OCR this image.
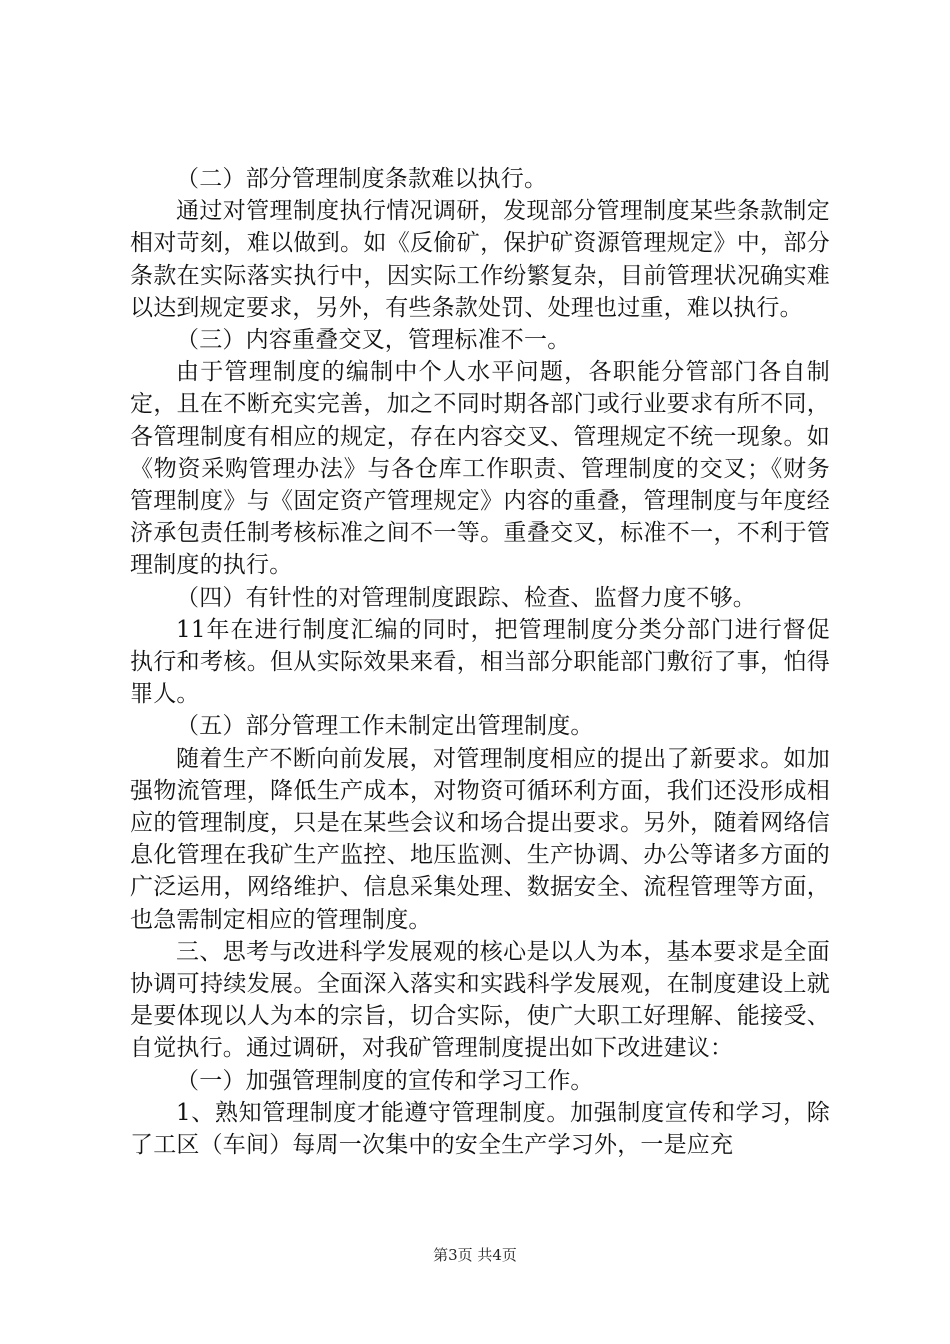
（二）部分管理制度条款难以执行。

通过对管理制度执行情况调研，发现部分管理制度某些条款制定相对苛刻，难以做到。如《反偷矿，保护矿资源管理规定》中，部分条款在实际落实执行中，因实际工作纷繁复杂，目前管理状况确实难以达到规定要求，另外，有些条款处罚、处理也过重，难以执行。

（三）内容重叠交叉，管理标准不一。

由于管理制度的编制中个人水平问题，各职能分管部门各自制定，且在不断充实完善，加之不同时期各部门或行业要求有所不同，各管理制度有相应的规定，存在内容交叉、管理规定不统一现象。如《物资采购管理办法》与各仓库工作职责、管理制度的交叉；《财务管理制度》与《固定资产管理规定》内容的重叠，管理制度与年度经济承包责任制考核标准之间不一等。重叠交叉，标准不一，不利于管理制度的执行。

（四）有针性的对管理制度跟踪、检查、监督力度不够。

11年在进行制度汇编的同时，把管理制度分类分部门进行督促执行和考核。但从实际效果来看，相当部分职能部门敷衍了事，怕得罪人。

（五）部分管理工作未制定出管理制度。

随着生产不断向前发展，对管理制度相应的提出了新要求。如加强物流管理，降低生产成本，对物资可循环利方面，我们还没形成相应的管理制度，只是在某些会议和场合提出要求。另外，随着网络信息化管理在我矿生产监控、地压监测、生产协调、办公等诸多方面的广泛运用，网络维护、信息采集处理、数据安全、流程管理等方面，也急需制定相应的管理制度。

三、思考与改进科学发展观的核心是以人为本，基本要求是全面协调可持续发展。全面深入落实和实践科学发展观，在制度建设上就是要体现以人为本的宗旨，切合实际，使广大职工好理解、能接受、自觉执行。通过调研，对我矿管理制度提出如下改进建议：

（一）加强管理制度的宣传和学习工作。

1、熟知管理制度才能遵守管理制度。加强制度宣传和学习，除了工区（车间）每周一次集中的安全生产学习外，一是应充

第3页 共4页
